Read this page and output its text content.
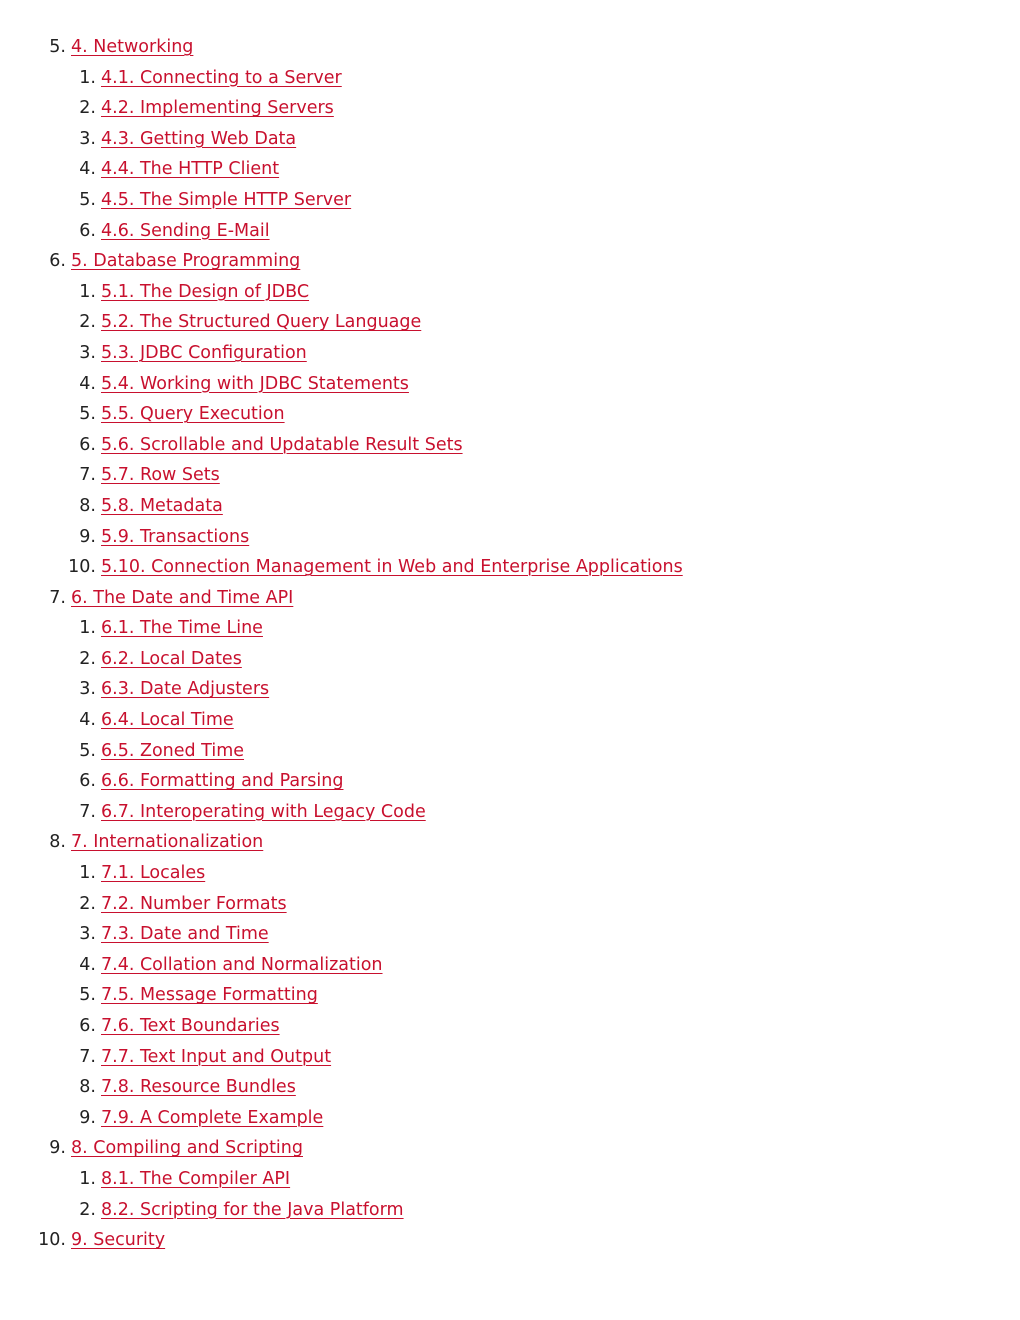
5. 4. Networking
1. 4.1. Connecting to a Server
2. 4.2. Implementing Servers
3. 4.3. Getting Web Data
4. 4.4. The HTTP Client
5. 4.5. The Simple HTTP Server
6. 4.6. Sending E-Mail
6. 5. Database Programming
1. 5.1. The Design of JDBC
2. 5.2. The Structured Query Language
3. 5.3. JDBC Configuration
4. 5.4. Working with JDBC Statements
5. 5.5. Query Execution
6. 5.6. Scrollable and Updatable Result Sets
7. 5.7. Row Sets
8. 5.8. Metadata
9. 5.9. Transactions
10. 5.10. Connection Management in Web and Enterprise Applications
7. 6. The Date and Time API
1. 6.1. The Time Line
2. 6.2. Local Dates
3. 6.3. Date Adjusters
4. 6.4. Local Time
5. 6.5. Zoned Time
6. 6.6. Formatting and Parsing
7. 6.7. Interoperating with Legacy Code
8. 7. Internationalization
1. 7.1. Locales
2. 7.2. Number Formats
3. 7.3. Date and Time
4. 7.4. Collation and Normalization
5. 7.5. Message Formatting
6. 7.6. Text Boundaries
7. 7.7. Text Input and Output
8. 7.8. Resource Bundles
9. 7.9. A Complete Example
9. 8. Compiling and Scripting
1. 8.1. The Compiler API
2. 8.2. Scripting for the Java Platform
10. 9. Security
